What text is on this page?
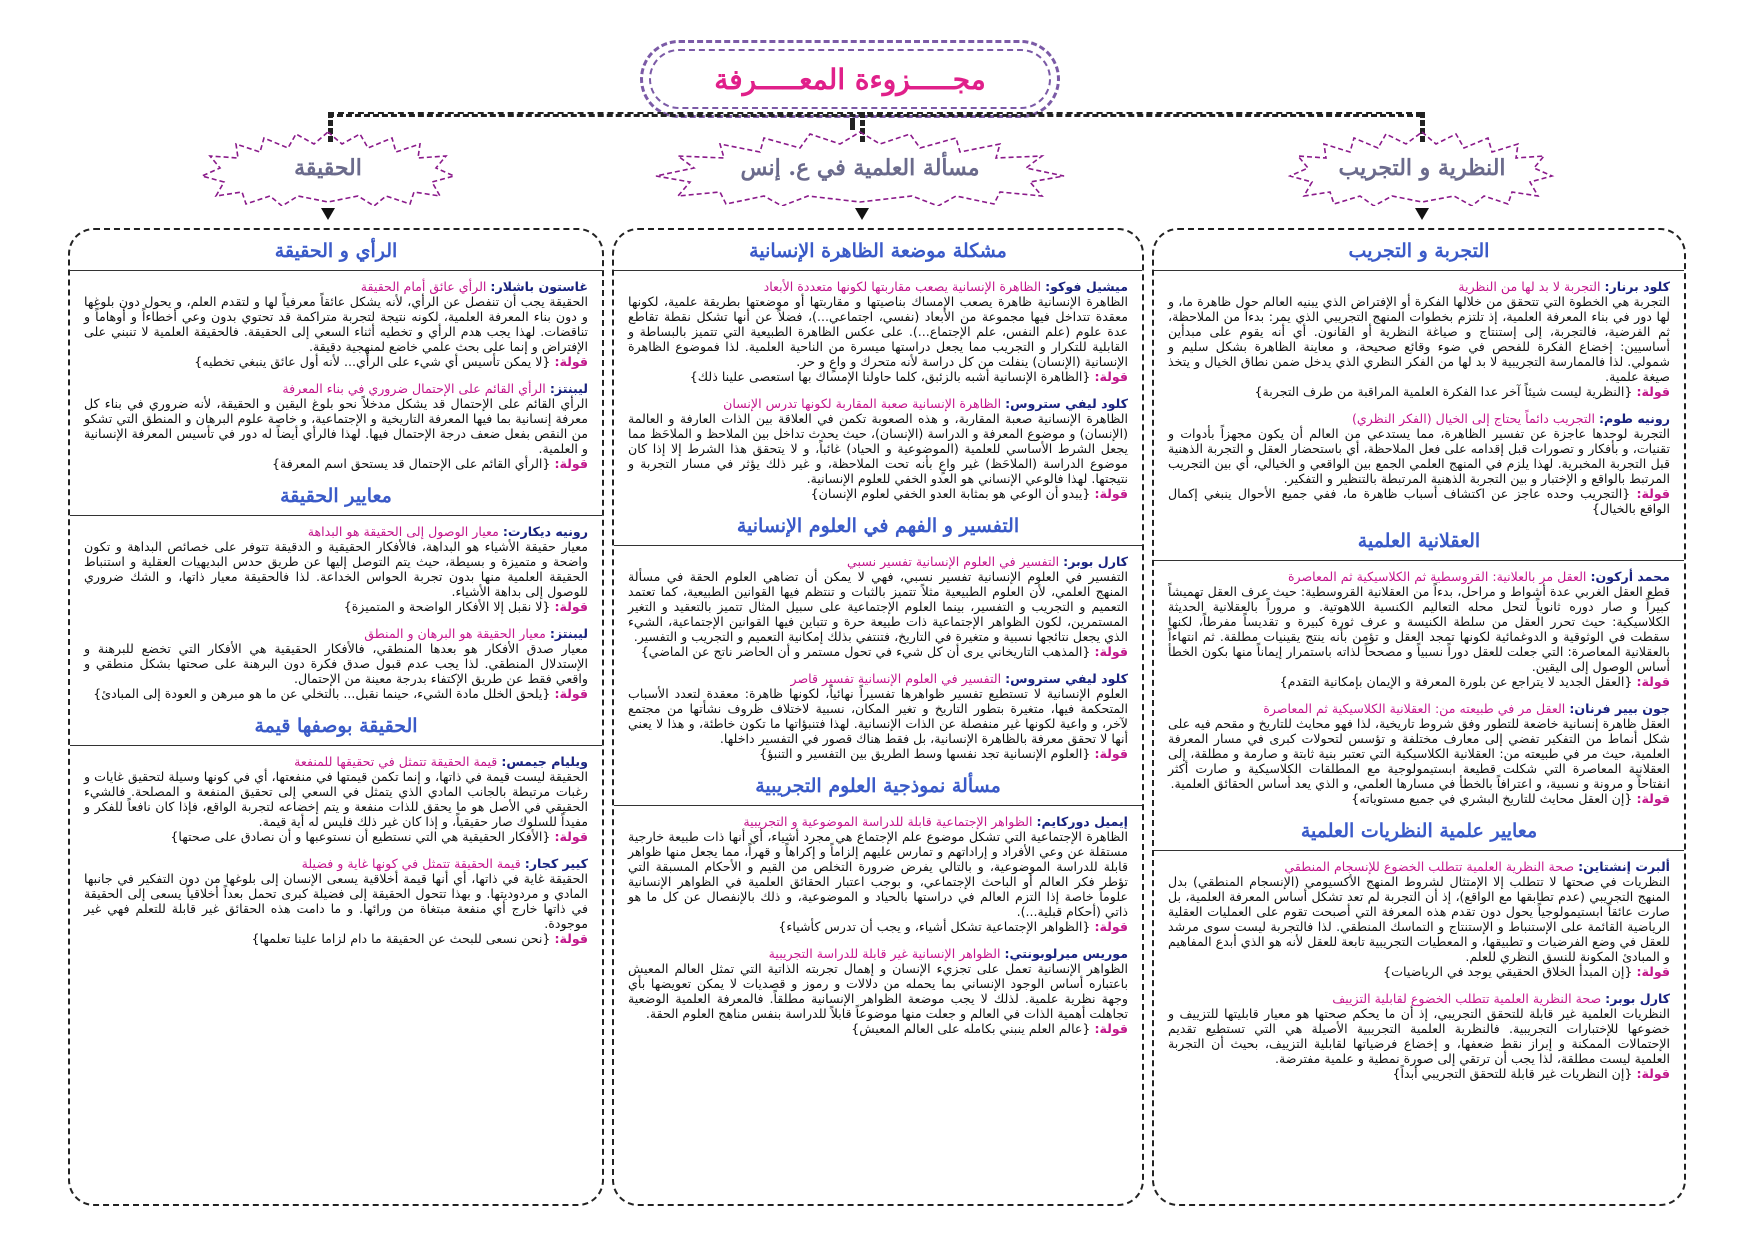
مجـــــزوءة المعـــــرفة
النظرية و التجريب
مسألة العلمية في ع. إنس
الحقيقة
التجربة و التجريب

كلود برنار: التجربة لا بد لها من النظرية
التجربة هي الخطوة التي تتحقق من خلالها الفكرة أو الإفتراض الذي يبنيه العالم حول ظاهرة ما، و لها دور في بناء المعرفة العلمية، إذ تلتزم بخطوات المنهج التجريبي الذي يمر: بدءاً من الملاحظة، ثم الفرضية، فالتجربة، إلى إستنتاج و صياغة النظرية أو القانون. أي أنه يقوم على مبدأين أساسيين: إخضاع الفكرة للفحص في ضوء وقائع صحيحة، و معاينة الظاهرة بشكل سليم و شمولي. لذا فالممارسة التجريبية لا بد لها من الفكر النظري الذي يدخل ضمن نطاق الخيال و يتخذ صيغة علمية.
قولة: {النظرية ليست شيئاً آخر عدا الفكرة العلمية المراقبة من طرف التجربة}

رونيه طوم: التجريب دائماً يحتاج إلى الخيال (الفكر النظري)
التجربة لوحدها عاجزة عن تفسير الظاهرة، مما يستدعي من العالم أن يكون مجهزاً بأدوات و تقنيات، و بأفكار و تصورات قبل إقدامه على فعل الملاحظة، أي باستحضار العقل و التجربة الذهنية قبل التجربة المخبرية. لهذا يلزم في المنهج العلمي الجمع بين الواقعي و الخيالي، أي بين التجريب المرتبط بالواقع و الإختبار و بين التجربة الذهنية المرتبطة بالتنظير و التفكير.
قولة: {التجريب وحده عاجز عن اكتشاف أسباب ظاهرة ما، ففي جميع الأحوال ينبغي إكمال الواقع بالخيال}

العقلانية العلمية

محمد أركون: العقل مر بالعلانية: القروسطية ثم الكلاسيكية ثم المعاصرة
قطع العقل الغربي عدة أشواط و مراحل، بدءاً من العقلانية القروسطية: حيث عرف العقل تهميشاً كبيراً و صار دوره ثانوياً لتحل محله التعاليم الكنسية اللاهوتية. و مروراً بالعقلانية الحديثة الكلاسيكية: حيث تحرر العقل من سلطة الكنيسة و عرف ثورة كبيرة و تقديساً مفرطاً، لكنها سقطت في الوثوقية و الدوغمائية لكونها تمجد العقل و تؤمن بأنه ينتج يقينيات مطلقة. ثم انتهاءاً بالعقلانية المعاصرة: التي جعلت للعقل دوراً نسبياً و مصححاً لذاته باستمرار إيماناً منها بكون الخطأ أساس الوصول إلى اليقين.
قولة: {العقل الجديد لا يتراجع عن بلورة المعرفة و الإيمان بإمكانية التقدم}

جون بيير فرنان: العقل مر في طبيعته من: العقلانية الكلاسيكية ثم المعاصرة
العقل ظاهرة إنسانية خاضعة للتطور وفق شروط تاريخية، لذا فهو محايث للتاريخ و مقحم فيه على شكل أنماط من التفكير تفضي إلى معارف مختلفة و تؤسس لتحولات كبرى في مسار المعرفة العلمية، حيث مر في طبيعته من: العقلانية الكلاسيكية التي تعتبر بنية ثابتة و صارمة و مطلقة، إلى العقلانية المعاصرة التي شكلت قطيعة ابستيمولوجية مع المطلقات الكلاسيكية و صارت أكثر انفتاحاً و مرونة و نسبية، و اعترافاً بالخطأ في مسارها العلمي، و الذي يعد أساس الحقائق العلمية.
قولة: {إن العقل محايث للتاريخ البشري في جميع مستوياته}

معايير علمية النظريات العلمية

ألبرت إنشتاين: صحة النظرية العلمية تتطلب الخضوع للإنسجام المنطقي
النظريات في صحتها لا تتطلب إلا الإمتثال لشروط المنهج الأكسيومي (الإنسجام المنطقي) بدل المنهج التجريبي (عدم تطابقها مع الواقع)، إذ أن التجربة لم تعد تشكل أساس المعرفة العلمية، بل صارت عائقاً ابستيمولوجياً يحول دون تقدم هذه المعرفة التي أصبحت تقوم على العمليات العقلية الرياضية القائمة على الإستنباط و الإستنتاج و التماسك المنطقي. لذا فالتجربة ليست سوى مرشد للعقل في وضع الفرضيات و تطبيقها، و المعطيات التجريبية تابعة للعقل لأنه هو الذي أبدع المفاهيم و المبادئ المكونة للنسق النظري للعلم.
قولة: {إن المبدأ الخلاق الحقيقي يوجد في الرياضيات}

كارل بوبر: صحة النظرية العلمية تتطلب الخضوع لقابلية التزييف
النظريات العلمية غير قابلة للتحقق التجريبي، إذ أن ما يحكم صحتها هو معيار قابليتها للتزييف و خضوعها للإختبارات التجريبية. فالنظرية العلمية التجريبية الأصيلة هي التي تستطيع تقديم الإحتمالات الممكنة و إبراز نقط ضعفها، و إخضاع فرضياتها لقابلية التزييف، بحيث أن التجربة العلمية ليست مطلقة، لذا يجب أن ترتقي إلى صورة نمطية و علمية مفترضة.
قولة: {إن النظريات غير قابلة للتحقق التجريبي أبداً}

مشكلة موضعة الظاهرة الإنسانية

ميشيل فوكو: الظاهرة الإنسانية يصعب مقاربتها لكونها متعددة الأبعاد
الظاهرة الإنسانية ظاهرة يصعب الإمساك بناصيتها و مقاربتها أو موضعتها بطريقة علمية، لكونها معقدة تتداخل فيها مجموعة من الأبعاد (نفسي، اجتماعي...)، فضلاً عن أنها تشكل نقطة تقاطع عدة علوم (علم النفس، علم الإجتماع...). على عكس الظاهرة الطبيعية التي تتميز بالبساطة و القابلية للتكرار و التجريب مما يجعل دراستها ميسرة من الناحية العلمية. لذا فموضوع الظاهرة الإنسانية (الإنسان) ينفلت من كل دراسة لأنه متحرك و واعٍ و حر.
قولة: {الظاهرة الإنسانية أشبه بالزئبق، كلما حاولنا الإمساك بها استعصى علينا ذلك}

كلود ليفي ستروس: الظاهرة الإنسانية صعبة المقاربة لكونها تدرس الإنسان
الظاهرة الإنسانية صعبة المقاربة، و هذه الصعوبة تكمن في العلاقة بين الذات العارفة و العالمة (الإنسان) و موضوع المعرفة و الدراسة (الإنسان)، حيث يحدث تداخل بين الملاحظ و الملاحَظ مما يجعل الشرط الأساسي للعلمية (الموضوعية و الحياد) غائباً، و لا يتحقق هذا الشرط إلا إذا كان موضوع الدراسة (الملاحَظ) غير واعٍ بأنه تحت الملاحظة، و غير ذلك يؤثر في مسار التجربة و نتيجتها. لهذا فالوعي الإنساني هو العدو الخفي للعلوم الإنسانية.
قولة: {يبدو أن الوعي هو بمثابة العدو الخفي لعلوم الإنسان}

التفسير و الفهم في العلوم الإنسانية

كارل بوبر: التفسير في العلوم الإنسانية تفسير نسبي
التفسير في العلوم الإنسانية تفسير نسبي، فهي لا يمكن أن تضاهي العلوم الحقة في مسألة المنهج العلمي، لأن العلوم الطبيعية مثلاً تتميز بالثبات و تنتظم فيها القوانين الطبيعية، كما تعتمد التعميم و التجريب و التفسير، بينما العلوم الإجتماعية على سبيل المثال تتميز بالتعقيد و التغير المستمرين، لكون الظواهر الإجتماعية ذات طبيعة حرة و تتباين فيها القوانين الإجتماعية، الشيء الذي يجعل نتائجها نسبية و متغيرة في التاريخ، فتنتفي بذلك إمكانية التعميم و التجريب و التفسير.
قولة: {المذهب التاريخاني يرى أن كل شيء في تحول مستمر و أن الحاضر ناتج عن الماضي}

كلود ليفي ستروس: التفسير في العلوم الإنسانية تفسير قاصر
العلوم الإنسانية لا تستطيع تفسير ظواهرها تفسيراً نهائياً، لكونها ظاهرة: معقدة لتعدد الأسباب المتحكمة فيها، متغيرة بتطور التاريخ و تغير المكان، نسبية لاختلاف ظروف نشأتها من مجتمع لآخر، و واعية لكونها غير منفصلة عن الذات الإنسانية. لهذا فتنبؤاتها ما تكون خاطئة، و هذا لا يعني أنها لا تحقق معرفة بالظاهرة الإنسانية، بل فقط هناك قصور في التفسير داخلها.
قولة: {العلوم الإنسانية تجد نفسها وسط الطريق بين التفسير و التنبؤ}

مسألة نموذجية العلوم التجريبية

إيميل دوركايم: الظواهر الإجتماعية قابلة للدراسة الموضوعية و التجريبية
الظاهرة الإجتماعية التي تشكل موضوع علم الإجتماع هي مجرد أشياء، أي أنها ذات طبيعة خارجية مستقلة عن وعي الأفراد و إراداتهم و تمارس عليهم إلزاماً و إكراهاً و قهراً، مما يجعل منها ظواهر قابلة للدراسة الموضوعية، و بالتالي يفرض ضرورة التخلص من القيم و الأحكام المسبقة التي تؤطر فكر العالم أو الباحث الإجتماعي، و بوجب اعتبار الحقائق العلمية في الظواهر الإنسانية علوماً خاصة إذا التزم العالم في دراستها بالحياد و الموضوعية، و ذلك بالإنفصال عن كل ما هو ذاتي (أحكام قبلية...).
قولة: {الظواهر الإجتماعية تشكل أشياء، و يجب أن تدرس كأشياء}

موريس ميرلوبونتي: الظواهر الإنسانية غير قابلة للدراسة التجريبية
الظواهر الإنسانية تعمل على تجزيء الإنسان و إهمال تجربته الذاتية التي تمثل العالم المعيش باعتباره أساس الوجود الإنساني بما يحمله من دلالات و رموز و قصديات لا يمكن تعويضها بأي وجهة نظرية علمية. لذلك لا يجب موضعة الظواهر الإنسانية مطلقاً. فالمعرفة العلمية الوضعية تجاهلت أهمية الذات في العالم و جعلت منها موضوعاً قابلاً للدراسة بنفس مناهج العلوم الحقة.
قولة: {عالم العلم ينبني بكامله على العالم المعيش}

الرأي و الحقيقة

غاستون باشلار: الرأي عائق أمام الحقيقة
الحقيقة يجب أن تنفصل عن الرأي، لأنه يشكل عائقاً معرفياً لها و لتقدم العلم، و يحول دون بلوغها و دون بناء المعرفة العلمية، لكونه نتيجة لتجربة متراكمة قد تحتوي بدون وعي أخطاءاً و أوهاماً و تناقضات. لهذا يجب هدم الرأي و تخطيه أثناء السعي إلى الحقيقة. فالحقيقة العلمية لا تنبني على الإفتراض و إنما على بحث علمي خاضع لمنهجية دقيقة.
قولة: {لا يمكن تأسيس أي شيء على الرأي... لأنه أول عائق ينبغي تخطيه}

ليبنتز: الرأي القائم على الإحتمال ضروري في بناء المعرفة
الرأي القائم على الإحتمال قد يشكل مدخلاً نحو بلوغ اليقين و الحقيقة، لأنه ضروري في بناء كل معرفة إنسانية بما فيها المعرفة التاريخية و الإجتماعية، و خاصة علوم البرهان و المنطق التي تشكو من النقص بفعل ضعف درجة الإحتمال فيها. لهذا فالرأي أيضاً له دور في تأسيس المعرفة الإنسانية و العلمية.
قولة: {الرأي القائم على الإحتمال قد يستحق اسم المعرفة}

معايير الحقيقة

رونيه ديكارت: معيار الوصول إلى الحقيقة هو البداهة
معيار حقيقة الأشياء هو البداهة، فالأفكار الحقيقية و الدقيقة تتوفر على خصائص البداهة و تكون واضحة و متميزة و بسيطة، حيث يتم التوصل إليها عن طريق حدس البديهيات العقلية و استنباط الحقيقة العلمية منها بدون تجربة الحواس الخداعة. لذا فالحقيقة معيار ذاتها، و الشك ضروري للوصول إلى بداهة الأشياء.
قولة: {لا نقبل إلا الأفكار الواضحة و المتميزة}

ليبنتز: معيار الحقيقة هو البرهان و المنطق
معيار صدق الأفكار هو بعدها المنطقي، فالأفكار الحقيقية هي الأفكار التي تخضع للبرهنة و الإستدلال المنطقي. لذا يجب عدم قبول صدق فكرة دون البرهنة على صحتها بشكل منطقي و واقعي فقط عن طريق الإكتفاء بدرجة معينة من الإحتمال.
قولة: {يلحق الخلل مادة الشيء، حينما نقبل... بالتخلي عن ما هو مبرهن و العودة إلى المبادئ}

الحقيقة بوصفها قيمة

ويليام جيمس: قيمة الحقيقة تتمثل في تحقيقها للمنفعة
الحقيقة ليست قيمة في ذاتها، و إنما تكمن قيمتها في منفعتها، أي في كونها وسيلة لتحقيق غايات و رغبات مرتبطة بالجانب المادي الذي يتمثل في السعي إلى تحقيق المنفعة و المصلحة. فالشيء الحقيقي في الأصل هو ما يحقق للذات منفعة و يتم إخضاعه لتجربة الواقع، فإذا كان نافعاً للفكر و مفيداً للسلوك صار حقيقياً، و إذا كان غير ذلك فليس له أية قيمة.
قولة: {الأفكار الحقيقية هي التي نستطيع أن نستوعبها و أن نصادق على صحتها}

كيير كجار: قيمة الحقيقة تتمثل في كونها غاية و فضيلة
الحقيقة غاية في ذاتها، أي أنها قيمة أخلاقية يسعى الإنسان إلى بلوغها من دون التفكير في جانبها المادي و مردوديتها. و بهذا تتحول الحقيقة إلى فضيلة كبرى تحمل بعداً أخلاقياً يسعى إلى الحقيقة في ذاتها خارج أي منفعة مبتغاة من ورائها. و ما دامت هذه الحقائق غير قابلة للتعلم فهي غير موجودة.
قولة: {نحن نسعى للبحث عن الحقيقة ما دام لزاما علينا تعلمها}
